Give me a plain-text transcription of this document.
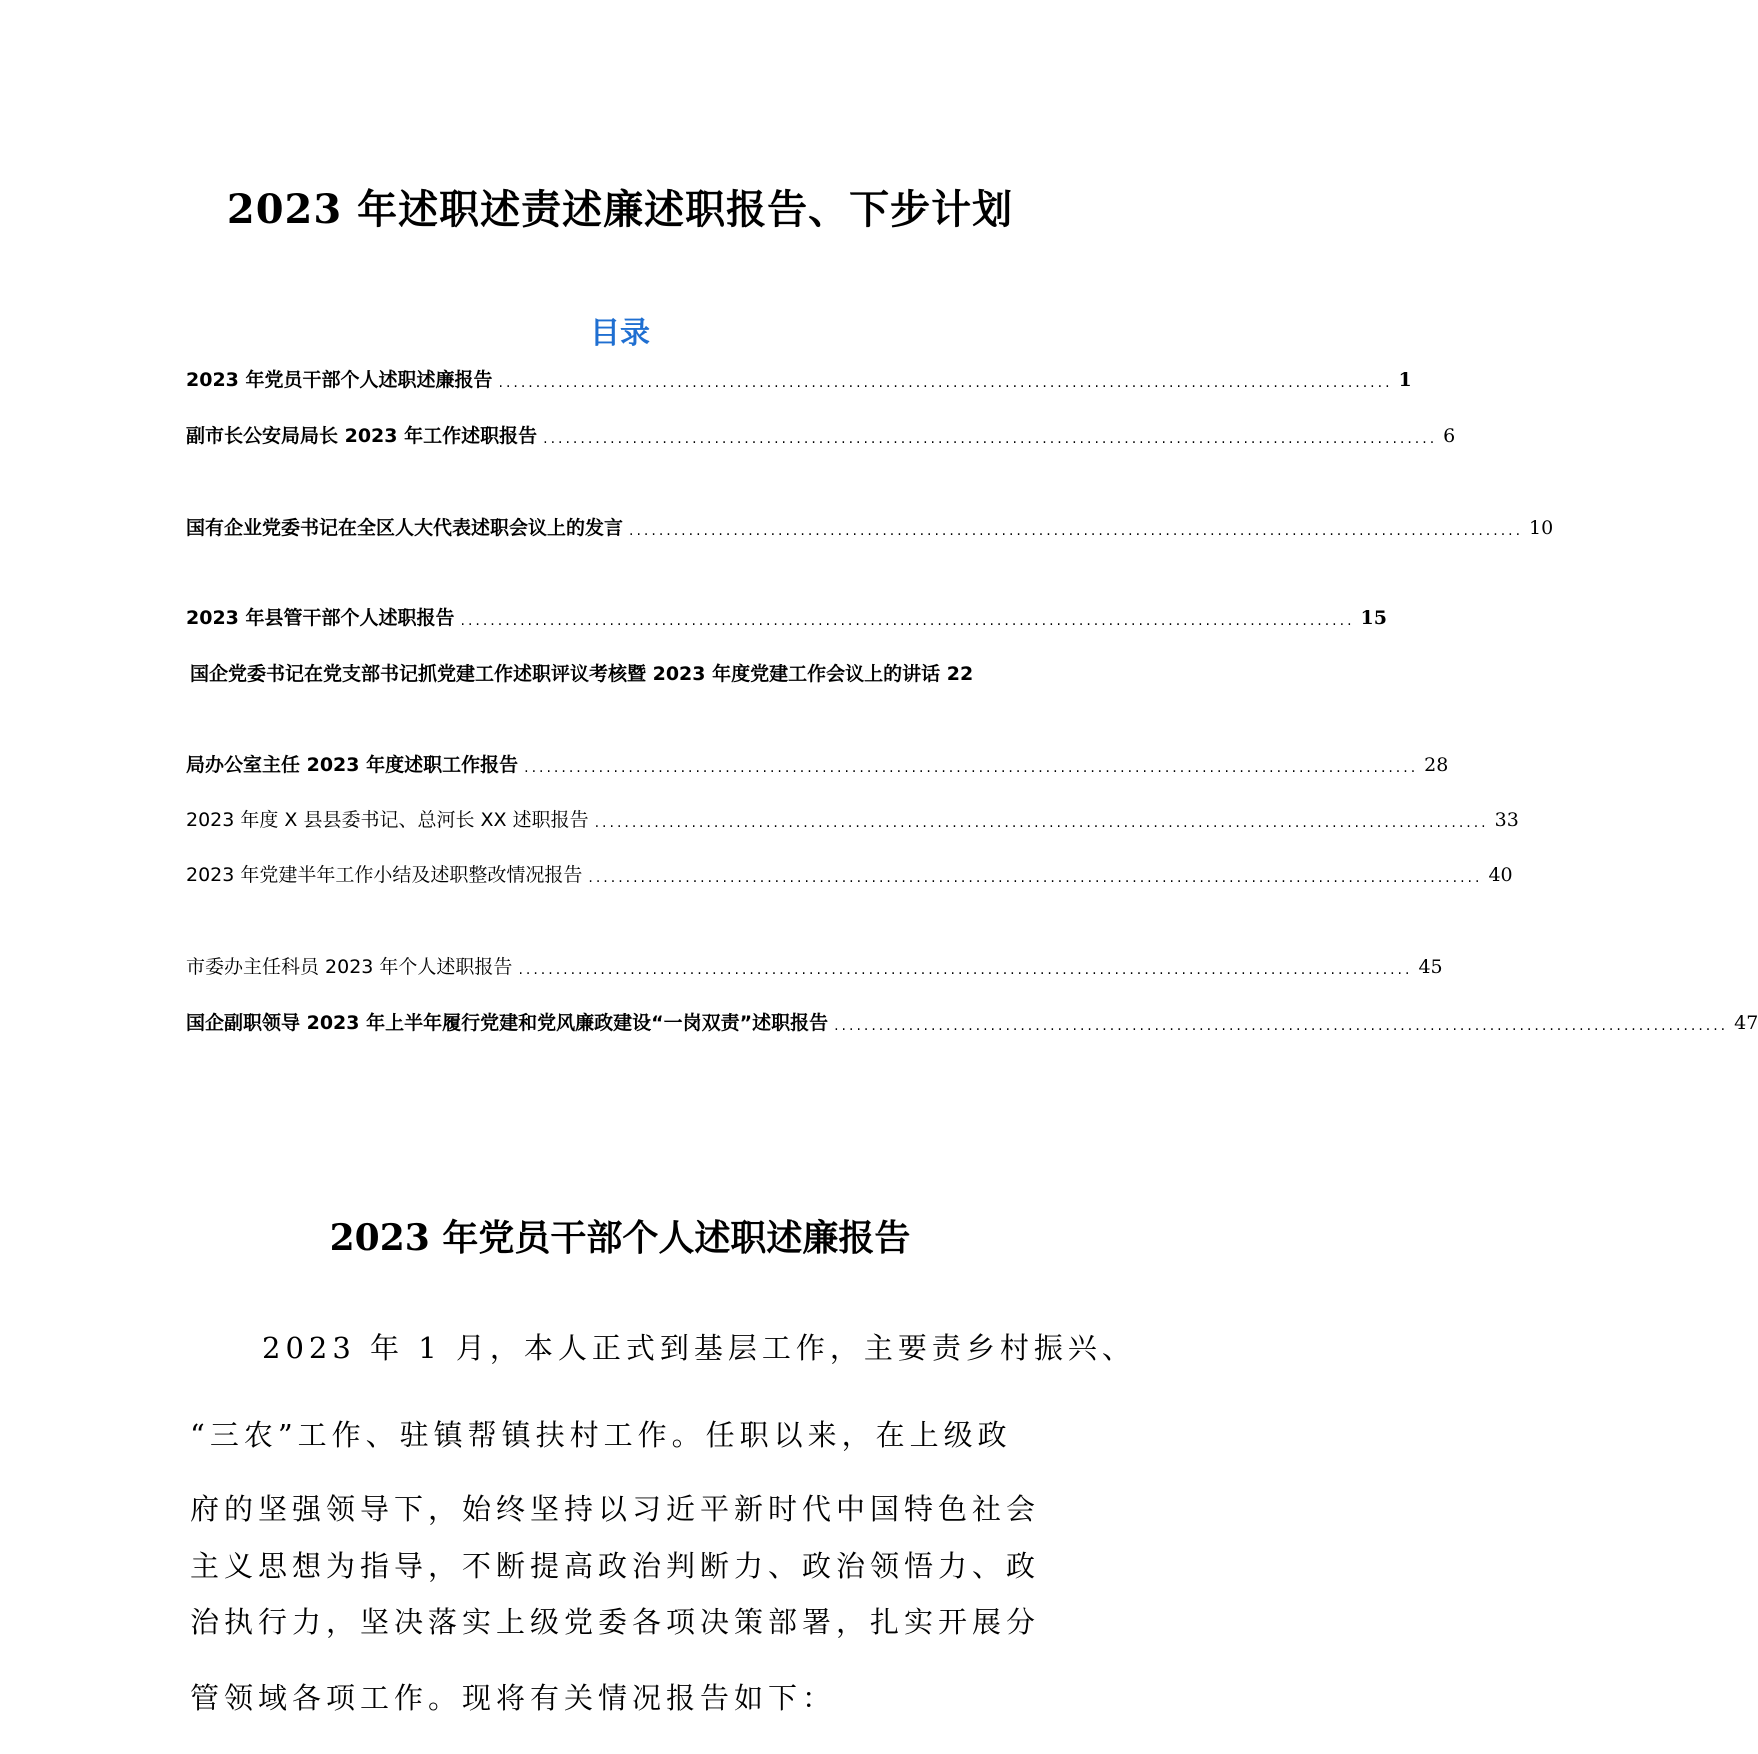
2023 年述职述责述廉述职报告、下步计划
目录
2023 年党员干部个人述职述廉报告 ........................................................................................................................ 1
副市长公安局局长 2023 年工作述职报告 ........................................................................................................................ 6
国有企业党委书记在全区人大代表述职会议上的发言 ........................................................................................................................ 10
2023 年县管干部个人述职报告 ........................................................................................................................ 15
国企党委书记在党支部书记抓党建工作述职评议考核暨 2023 年度党建工作会议上的讲话 22
局办公室主任 2023 年度述职工作报告 ........................................................................................................................ 28
2023 年度 X 县县委书记、总河长 XX 述职报告 ........................................................................................................................ 33
2023 年党建半年工作小结及述职整改情况报告 ........................................................................................................................ 40
市委办主任科员 2023 年个人述职报告 ........................................................................................................................ 45
国企副职领导 2023 年上半年履行党建和党风廉政建设“一岗双责”述职报告 ........................................................................................................................ 47
2023 年党员干部个人述职述廉报告
2023 年 1 月，本人正式到基层工作，主要责乡村振兴、
“三农”工作、驻镇帮镇扶村工作。任职以来，在上级政
府的坚强领导下，始终坚持以习近平新时代中国特色社会
主义思想为指导，不断提高政治判断力、政治领悟力、政
治执行力，坚决落实上级党委各项决策部署，扎实开展分
管领域各项工作。现将有关情况报告如下：
